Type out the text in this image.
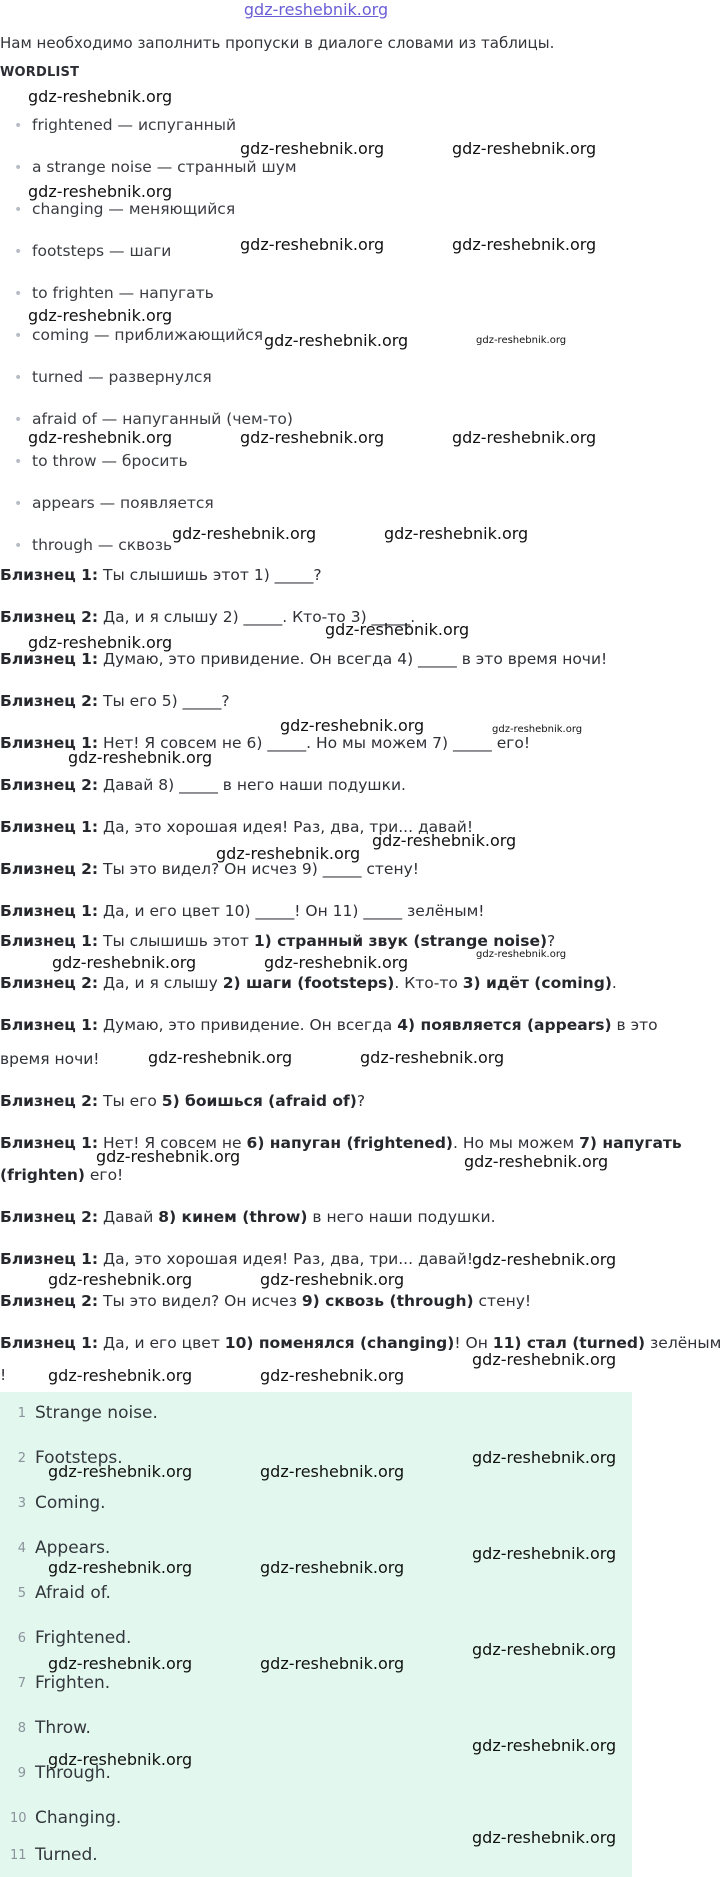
gdz-reshebnik.org
Нам необходимо заполнить пропуски в диалоге словами из таблицы.
WORDLIST
• frightened — испуганный
• a strange noise — странный шум
• changing — меняющийся
• footsteps — шаги
• to frighten — напугать
• coming — приближающийся
• turned — развернулся
• afraid of — напуганный (чем-то)
• to throw — бросить
• appears — появляется
• through — сквозь
Близнец 1: Ты слышишь этот 1) _____?
Близнец 2: Да, и я слышу 2) _____. Кто-то 3) _____.
Близнец 1: Думаю, это привидение. Он всегда 4) _____ в это время ночи!
Близнец 2: Ты его 5) _____?
Близнец 1: Нет! Я совсем не 6) _____. Но мы можем 7) _____ его!
Близнец 2: Давай 8) _____ в него наши подушки.
Близнец 1: Да, это хорошая идея! Раз, два, три... давай!
Близнец 2: Ты это видел? Он исчез 9) _____ стену!
Близнец 1: Да, и его цвет 10) _____! Он 11) _____ зелёным!
Близнец 1: Ты слышишь этот 1) странный звук (strange noise)?
Близнец 2: Да, и я слышу 2) шаги (footsteps). Кто-то 3) идёт (coming).
Близнец 1: Думаю, это привидение. Он всегда 4) появляется (appears) в это
время ночи!
Близнец 2: Ты его 5) боишься (afraid of)?
Близнец 1: Нет! Я совсем не 6) напуган (frightened). Но мы можем 7) напугать
(frighten) его!
Близнец 2: Давай 8) кинем (throw) в него наши подушки.
Близнец 1: Да, это хорошая идея! Раз, два, три... давай!
Близнец 2: Ты это видел? Он исчез 9) сквозь (through) стену!
Близнец 1: Да, и его цвет 10) поменялся (changing)! Он 11) стал (turned) зелёным
!
1 Strange noise.
2 Footsteps.
3 Coming.
4 Appears.
5 Afraid of.
6 Frightened.
7 Frighten.
8 Throw.
9 Through.
10 Changing.
11 Turned.
gdz-reshebnik.org
gdz-reshebnik.org	gdz-reshebnik.org
gdz-reshebnik.org
gdz-reshebnik.org	gdz-reshebnik.org
gdz-reshebnik.org
gdz-reshebnik.org	gdz-reshebnik.org
gdz-reshebnik.org	gdz-reshebnik.org	gdz-reshebnik.org
gdz-reshebnik.org	gdz-reshebnik.org
gdz-reshebnik.org
gdz-reshebnik.org
gdz-reshebnik.org	gdz-reshebnik.org
gdz-reshebnik.org
gdz-reshebnik.org
gdz-reshebnik.org
gdz-reshebnik.org	gdz-reshebnik.org	gdz-reshebnik.org
gdz-reshebnik.org	gdz-reshebnik.org
gdz-reshebnik.org	gdz-reshebnik.org
gdz-reshebnik.org
gdz-reshebnik.org	gdz-reshebnik.org
gdz-reshebnik.org
gdz-reshebnik.org	gdz-reshebnik.org
gdz-reshebnik.org
gdz-reshebnik.org	gdz-reshebnik.org
gdz-reshebnik.org
gdz-reshebnik.org	gdz-reshebnik.org
gdz-reshebnik.org
gdz-reshebnik.org	gdz-reshebnik.org
gdz-reshebnik.org
gdz-reshebnik.org
gdz-reshebnik.org
